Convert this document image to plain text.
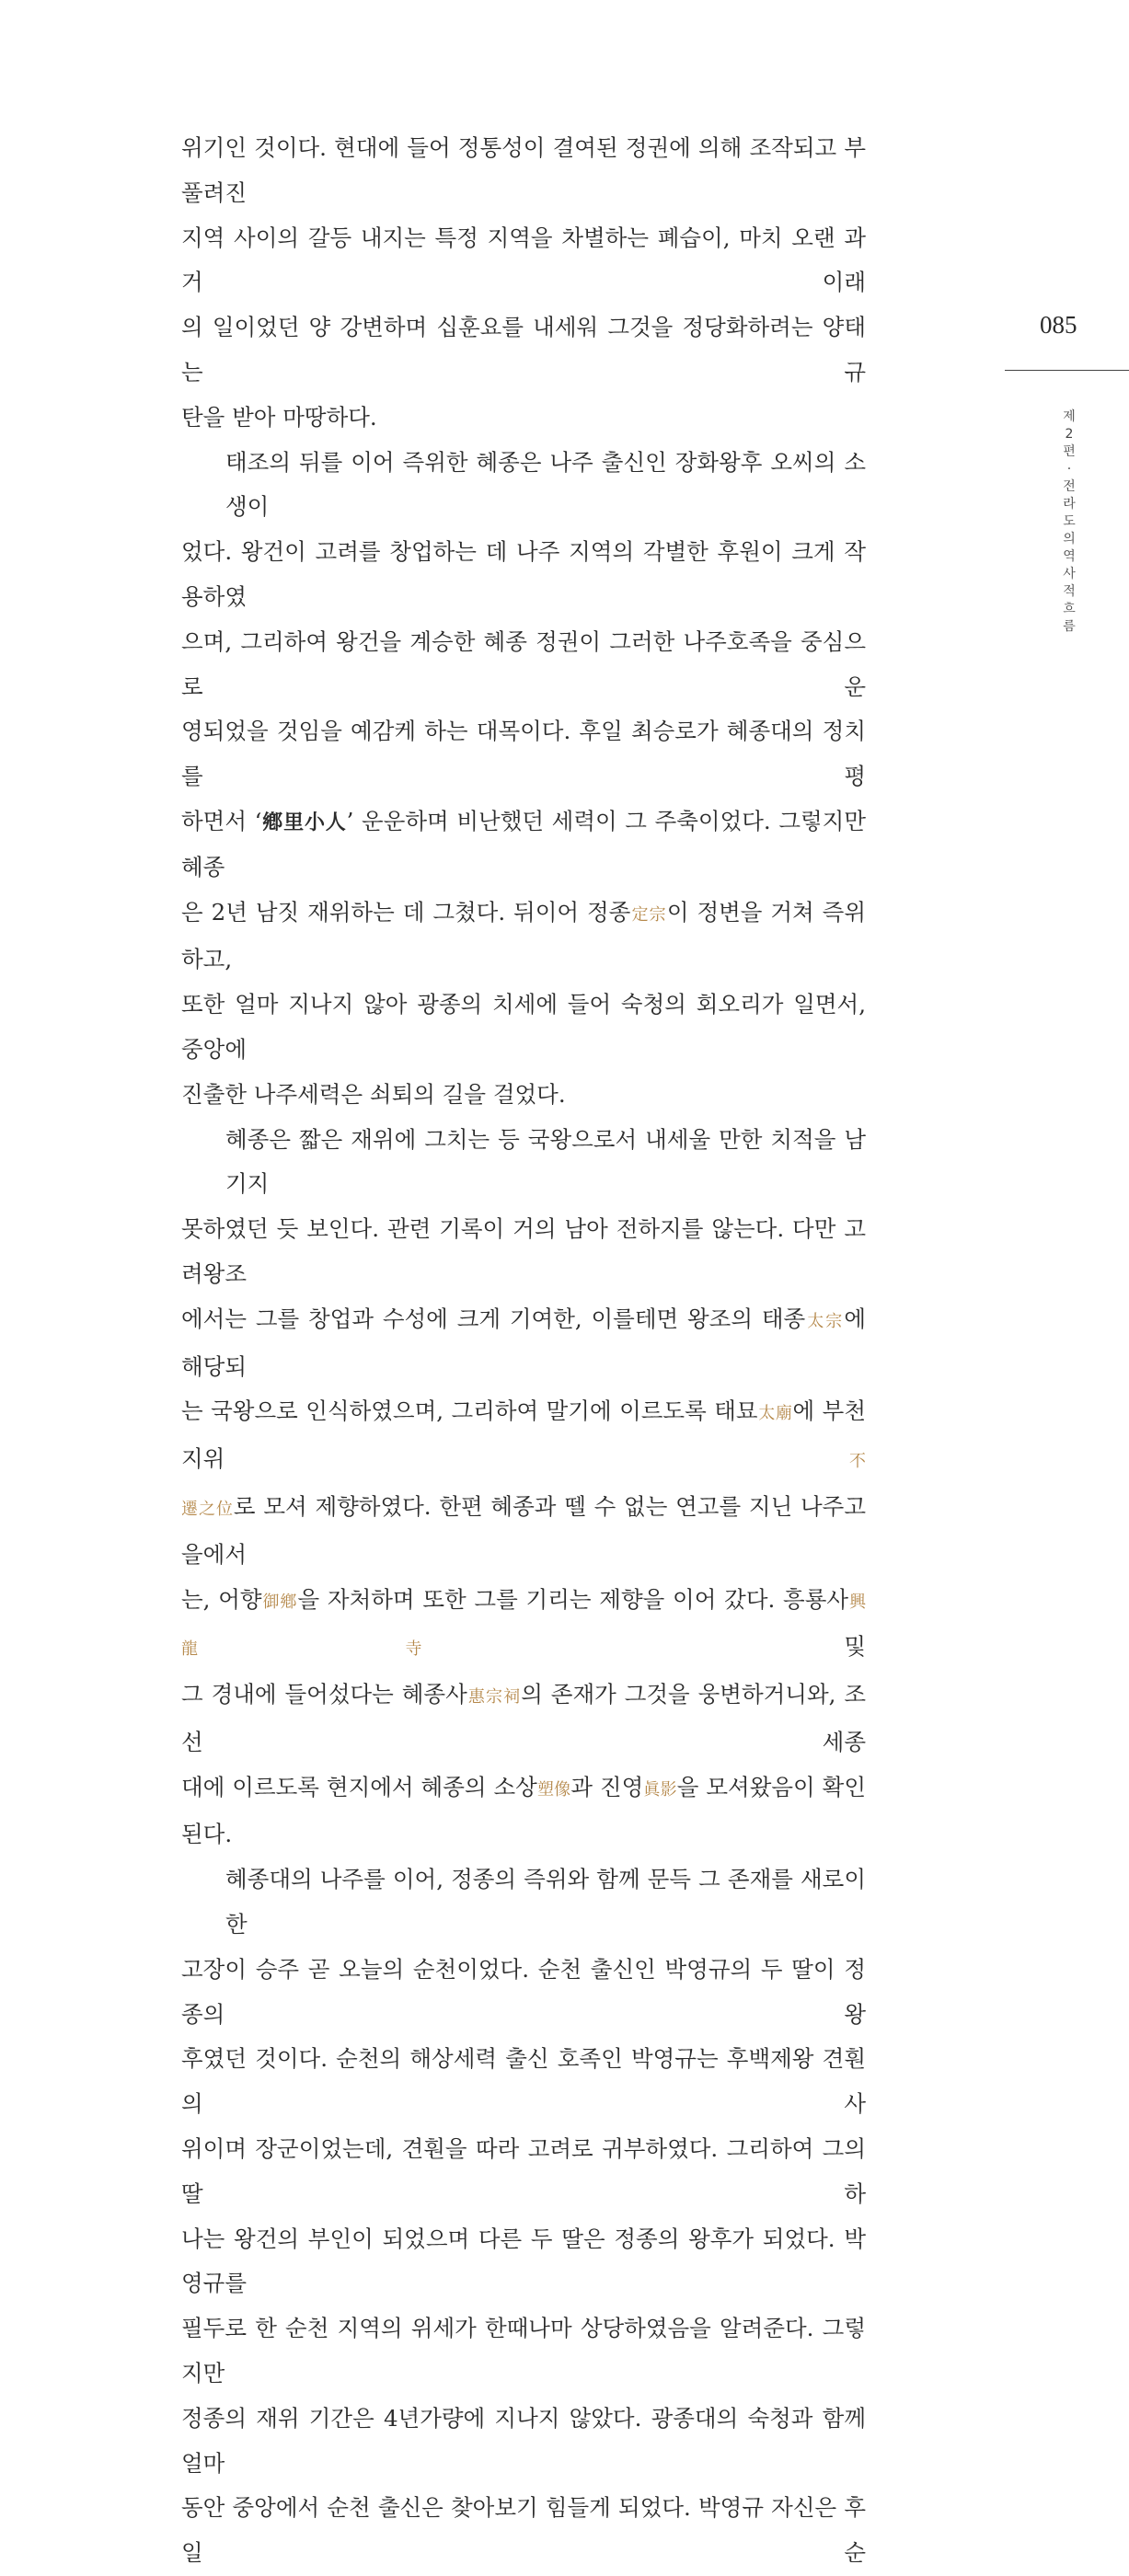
위기인 것이다. 현대에 들어 정통성이 결여된 정권에 의해 조작되고 부풀려진

지역 사이의 갈등 내지는 특정 지역을 차별하는 폐습이, 마치 오랜 과거 이래

의 일이었던 양 강변하며 십훈요를 내세워 그것을 정당화하려는 양태는 규

탄을 받아 마땅하다.

태조의 뒤를 이어 즉위한 혜종은 나주 출신인 장화왕후 오씨의 소생이

었다. 왕건이 고려를 창업하는 데 나주 지역의 각별한 후원이 크게 작용하였

으며, 그리하여 왕건을 계승한 혜종 정권이 그러한 나주호족을 중심으로 운

영되었을 것임을 예감케 하는 대목이다. 후일 최승로가 혜종대의 정치를 평

하면서 ‘鄕里小人’ 운운하며 비난했던 세력이 그 주축이었다. 그렇지만 혜종

은 2년 남짓 재위하는 데 그쳤다. 뒤이어 정종定宗이 정변을 거쳐 즉위하고,

또한 얼마 지나지 않아 광종의 치세에 들어 숙청의 회오리가 일면서, 중앙에

진출한 나주세력은 쇠퇴의 길을 걸었다.

혜종은 짧은 재위에 그치는 등 국왕으로서 내세울 만한 치적을 남기지

못하였던 듯 보인다. 관련 기록이 거의 남아 전하지를 않는다. 다만 고려왕조

에서는 그를 창업과 수성에 크게 기여한, 이를테면 왕조의 태종太宗에 해당되

는 국왕으로 인식하였으며, 그리하여 말기에 이르도록 태묘太廟에 부천지위不

遷之位로 모셔 제향하였다. 한편 혜종과 뗄 수 없는 연고를 지닌 나주고을에서

는, 어향御鄕을 자처하며 또한 그를 기리는 제향을 이어 갔다. 흥룡사興龍寺 및

그 경내에 들어섰다는 혜종사惠宗祠의 존재가 그것을 웅변하거니와, 조선 세종

대에 이르도록 현지에서 혜종의 소상塑像과 진영眞影을 모셔왔음이 확인된다.

혜종대의 나주를 이어, 정종의 즉위와 함께 문득 그 존재를 새로이 한

고장이 승주 곧 오늘의 순천이었다. 순천 출신인 박영규의 두 딸이 정종의 왕

후였던 것이다. 순천의 해상세력 출신 호족인 박영규는 후백제왕 견훤의 사

위이며 장군이었는데, 견훤을 따라 고려로 귀부하였다. 그리하여 그의 딸 하

나는 왕건의 부인이 되었으며 다른 두 딸은 정종의 왕후가 되었다. 박영규를

필두로 한 순천 지역의 위세가 한때나마 상당하였음을 알려준다. 그렇지만

정종의 재위 기간은 4년가량에 지나지 않았다. 광종대의 숙청과 함께 얼마

동안 중앙에서 순천 출신은 찾아보기 힘들게 되었다. 박영규 자신은 후일 순

085
제
2
편
·
전
라
도
의
역
사
적
흐
름
